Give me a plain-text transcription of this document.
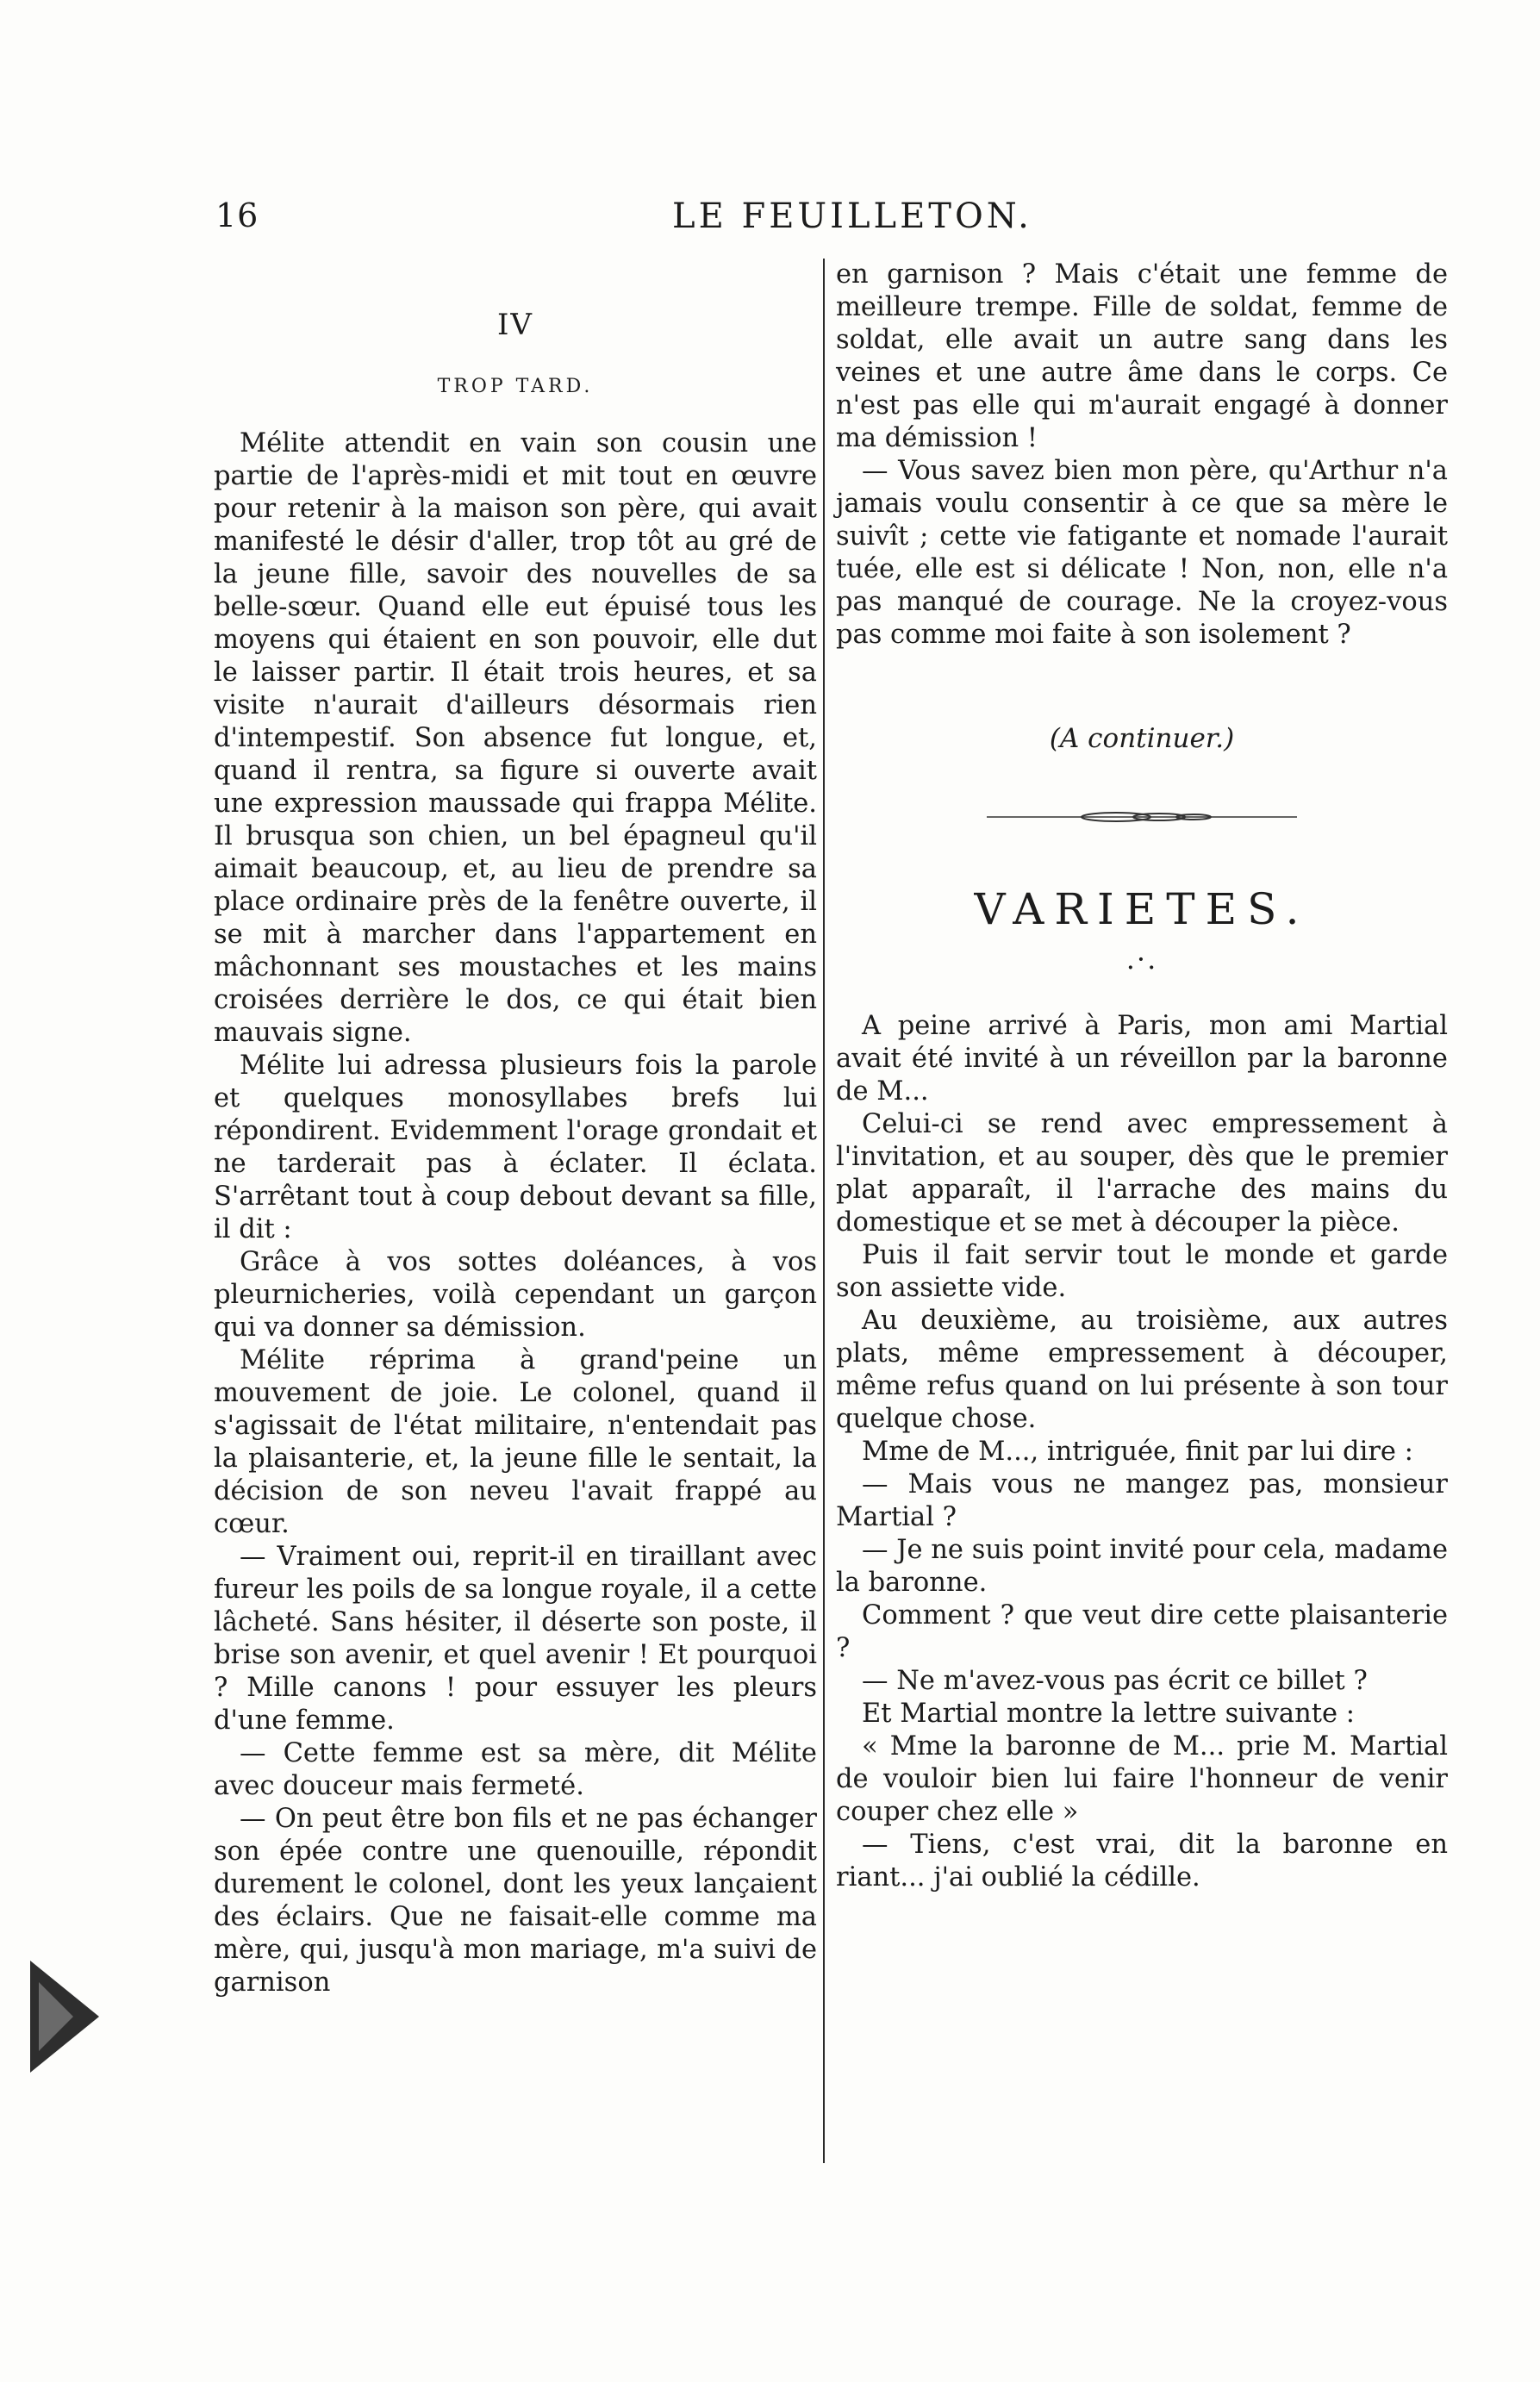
16	LE FEUILLETON.
IV
TROP TARD.

Mélite attendit en vain son cousin une partie de l'après-midi et mit tout en œuvre pour retenir à la maison son père, qui avait manifesté le désir d'aller, trop tôt au gré de la jeune fille, savoir des nouvelles de sa belle-sœur. Quand elle eut épuisé tous les moyens qui étaient en son pouvoir, elle dut le laisser partir. Il était trois heures, et sa visite n'aurait d'ailleurs désormais rien d'intempestif. Son absence fut longue, et, quand il rentra, sa figure si ouverte avait une expression maussade qui frappa Mélite. Il brusqua son chien, un bel épagneul qu'il aimait beaucoup, et, au lieu de prendre sa place ordinaire près de la fenêtre ouverte, il se mit à marcher dans l'appartement en mâchonnant ses moustaches et les mains croisées derrière le dos, ce qui était bien mauvais signe.

Mélite lui adressa plusieurs fois la parole et quelques monosyllabes brefs lui répondirent. Evidemment l'orage grondait et ne tarderait pas à éclater. Il éclata. S'arrêtant tout à coup debout devant sa fille, il dit :

Grâce à vos sottes doléances, à vos pleurnicheries, voilà cependant un garçon qui va donner sa démission.

Mélite réprima à grand'peine un mouvement de joie. Le colonel, quand il s'agissait de l'état militaire, n'entendait pas la plaisanterie, et, la jeune fille le sentait, la décision de son neveu l'avait frappé au cœur.

— Vraiment oui, reprit-il en tiraillant avec fureur les poils de sa longue royale, il a cette lâcheté. Sans hésiter, il déserte son poste, il brise son avenir, et quel avenir ! Et pourquoi ? Mille canons ! pour essuyer les pleurs d'une femme.

— Cette femme est sa mère, dit Mélite avec douceur mais fermeté.

— On peut être bon fils et ne pas échanger son épée contre une quenouille, répondit durement le colonel, dont les yeux lançaient des éclairs. Que ne faisait-elle comme ma mère, qui, jusqu'à mon mariage, m'a suivi de garnison

en garnison ? Mais c'était une femme de meilleure trempe. Fille de soldat, femme de soldat, elle avait un autre sang dans les veines et une autre âme dans le corps. Ce n'est pas elle qui m'aurait engagé à donner ma démission !

— Vous savez bien mon père, qu'Arthur n'a jamais voulu consentir à ce que sa mère le suivît ; cette vie fatigante et nomade l'aurait tuée, elle est si délicate ! Non, non, elle n'a pas manqué de courage. Ne la croyez-vous pas comme moi faite à son isolement ?

(A continuer.)
VARIETES.
.·.

A peine arrivé à Paris, mon ami Martial avait été invité à un réveillon par la baronne de M...

Celui-ci se rend avec empressement à l'invitation, et au souper, dès que le premier plat apparaît, il l'arrache des mains du domestique et se met à découper la pièce.

Puis il fait servir tout le monde et garde son assiette vide.

Au deuxième, au troisième, aux autres plats, même empressement à découper, même refus quand on lui présente à son tour quelque chose.

Mme de M..., intriguée, finit par lui dire :

— Mais vous ne mangez pas, monsieur Martial ?

— Je ne suis point invité pour cela, madame la baronne.

Comment ? que veut dire cette plaisanterie ?

— Ne m'avez-vous pas écrit ce billet ?

Et Martial montre la lettre suivante :

« Mme la baronne de M... prie M. Martial de vouloir bien lui faire l'honneur de venir couper chez elle »

— Tiens, c'est vrai, dit la baronne en riant... j'ai oublié la cédille.
